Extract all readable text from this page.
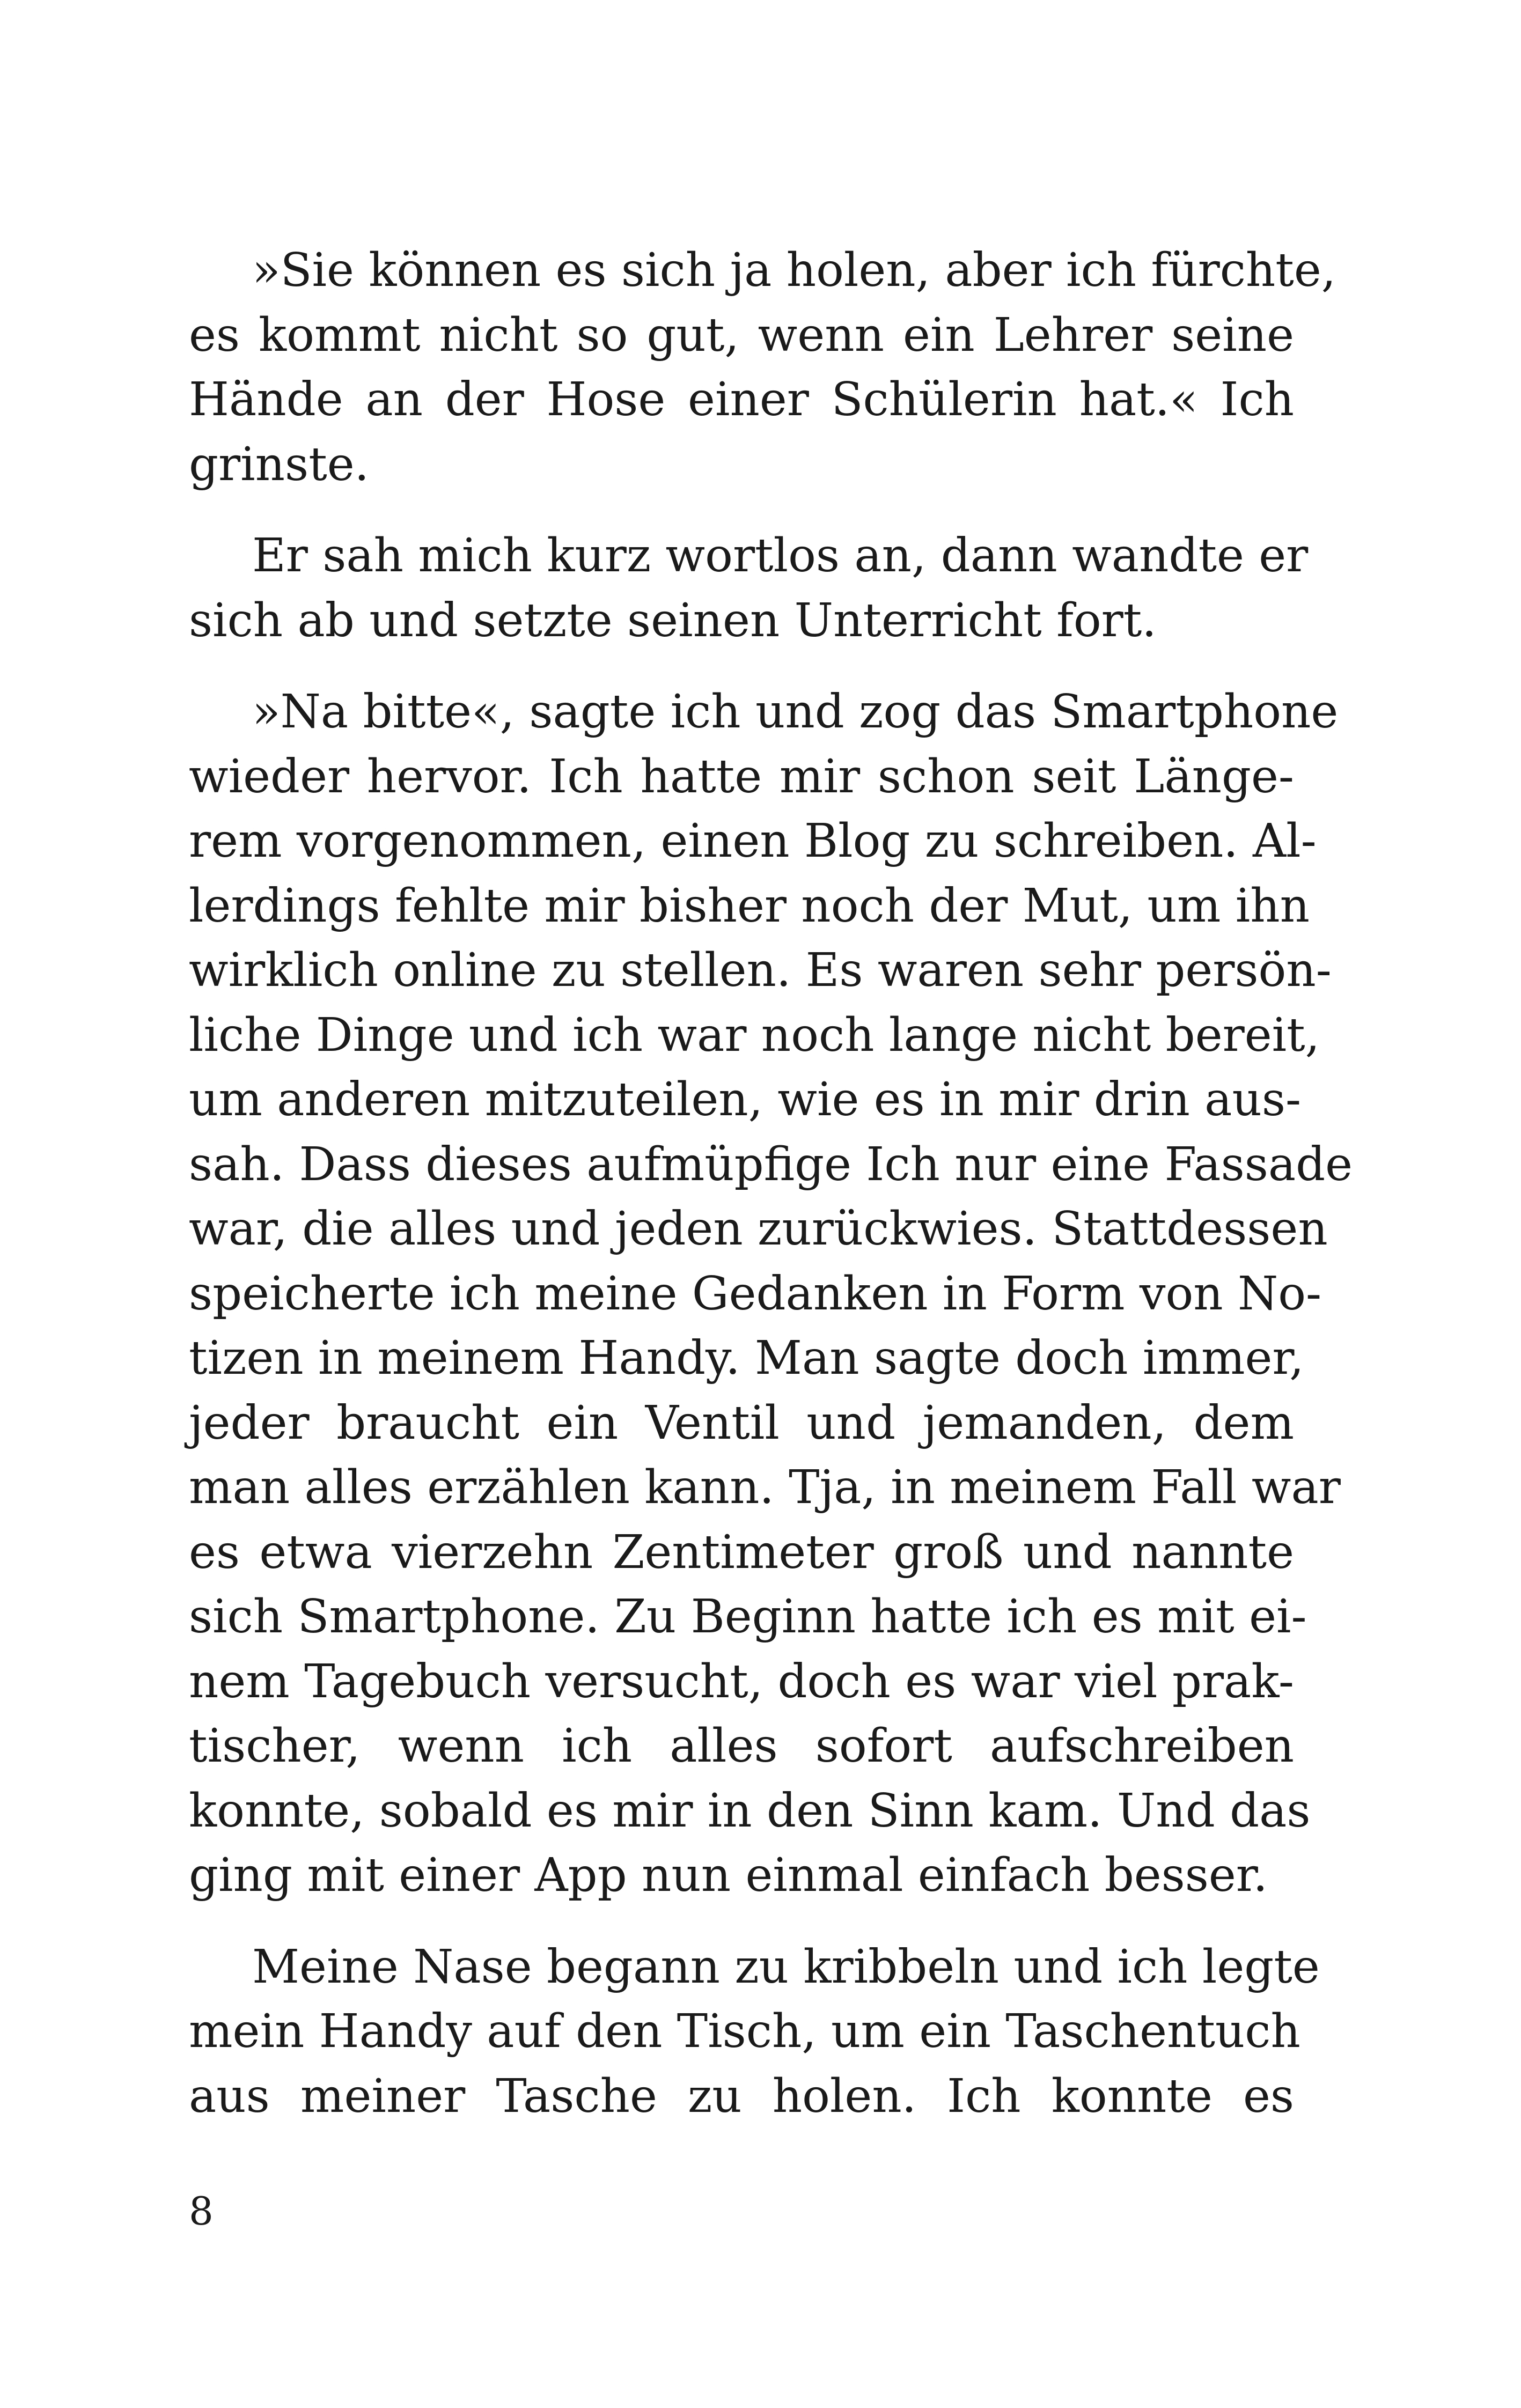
»Sie können es sich ja holen, aber ich fürchte,
es kommt nicht so gut, wenn ein Lehrer seine
Hände an der Hose einer Schülerin hat.« Ich
grinste.
Er sah mich kurz wortlos an, dann wandte er
sich ab und setzte seinen Unterricht fort.
»Na bitte«, sagte ich und zog das Smartphone
wieder hervor. Ich hatte mir schon seit Länge-
rem vorgenommen, einen Blog zu schreiben. Al-
lerdings fehlte mir bisher noch der Mut, um ihn
wirklich online zu stellen. Es waren sehr persön-
liche Dinge und ich war noch lange nicht bereit,
um anderen mitzuteilen, wie es in mir drin aus-
sah. Dass dieses aufmüpfige Ich nur eine Fassade
war, die alles und jeden zurückwies. Stattdessen
speicherte ich meine Gedanken in Form von No-
tizen in meinem Handy. Man sagte doch immer,
jeder braucht ein Ventil und jemanden, dem
man alles erzählen kann. Tja, in meinem Fall war
es etwa vierzehn Zentimeter groß und nannte
sich Smartphone. Zu Beginn hatte ich es mit ei-
nem Tagebuch versucht, doch es war viel prak-
tischer, wenn ich alles sofort aufschreiben
konnte, sobald es mir in den Sinn kam. Und das
ging mit einer App nun einmal einfach besser.
Meine Nase begann zu kribbeln und ich legte
mein Handy auf den Tisch, um ein Taschentuch
aus meiner Tasche zu holen. Ich konnte es
8
